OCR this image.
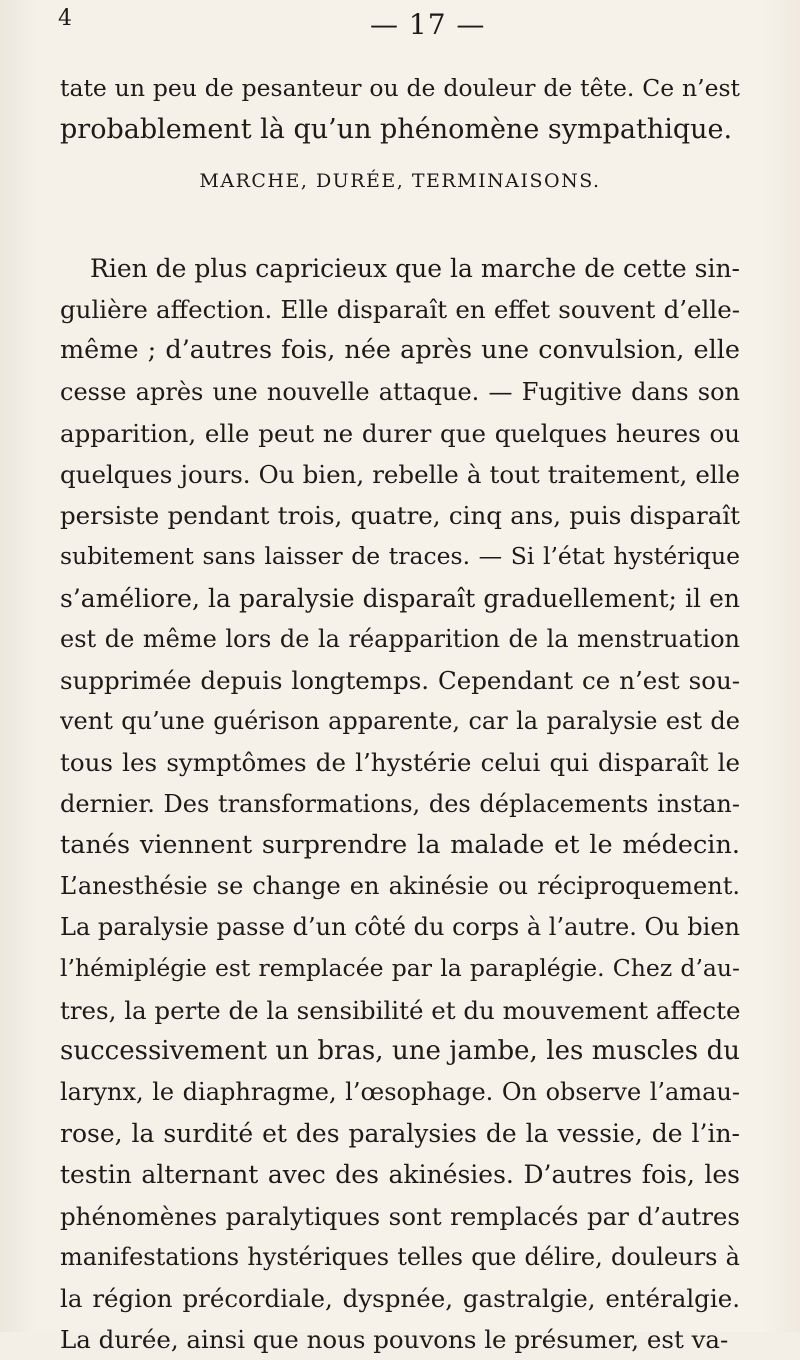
— 17 —
4
tate un peu de pesanteur ou de douleur de tête. Ce n’est
probablement là qu’un phénomène sympathique.
MARCHE, DURÉE, TERMINAISONS.
Rien de plus capricieux que la marche de cette sin-
gulière affection. Elle disparaît en effet souvent d’elle-
même ; d’autres fois, née après une convulsion, elle
cesse après une nouvelle attaque. — Fugitive dans son
apparition, elle peut ne durer que quelques heures ou
quelques jours. Ou bien, rebelle à tout traitement, elle
persiste pendant trois, quatre, cinq ans, puis disparaît
subitement sans laisser de traces. — Si l’état hystérique
s’améliore, la paralysie disparaît graduellement; il en
est de même lors de la réapparition de la menstruation
supprimée depuis longtemps. Cependant ce n’est sou-
vent qu’une guérison apparente, car la paralysie est de
tous les symptômes de l’hystérie celui qui disparaît le
dernier. Des transformations, des déplacements instan-
tanés viennent surprendre la malade et le médecin.
L’anesthésie se change en akinésie ou réciproquement.
La paralysie passe d’un côté du corps à l’autre. Ou bien
l’hémiplégie est remplacée par la paraplégie. Chez d’au-
tres, la perte de la sensibilité et du mouvement affecte
successivement un bras, une jambe, les muscles du
larynx, le diaphragme, l’œsophage. On observe l’amau-
rose, la surdité et des paralysies de la vessie, de l’in-
testin alternant avec des akinésies. D’autres fois, les
phénomènes paralytiques sont remplacés par d’autres
manifestations hystériques telles que délire, douleurs à
la région précordiale, dyspnée, gastralgie, entéralgie.
La durée, ainsi que nous pouvons le présumer, est va-
